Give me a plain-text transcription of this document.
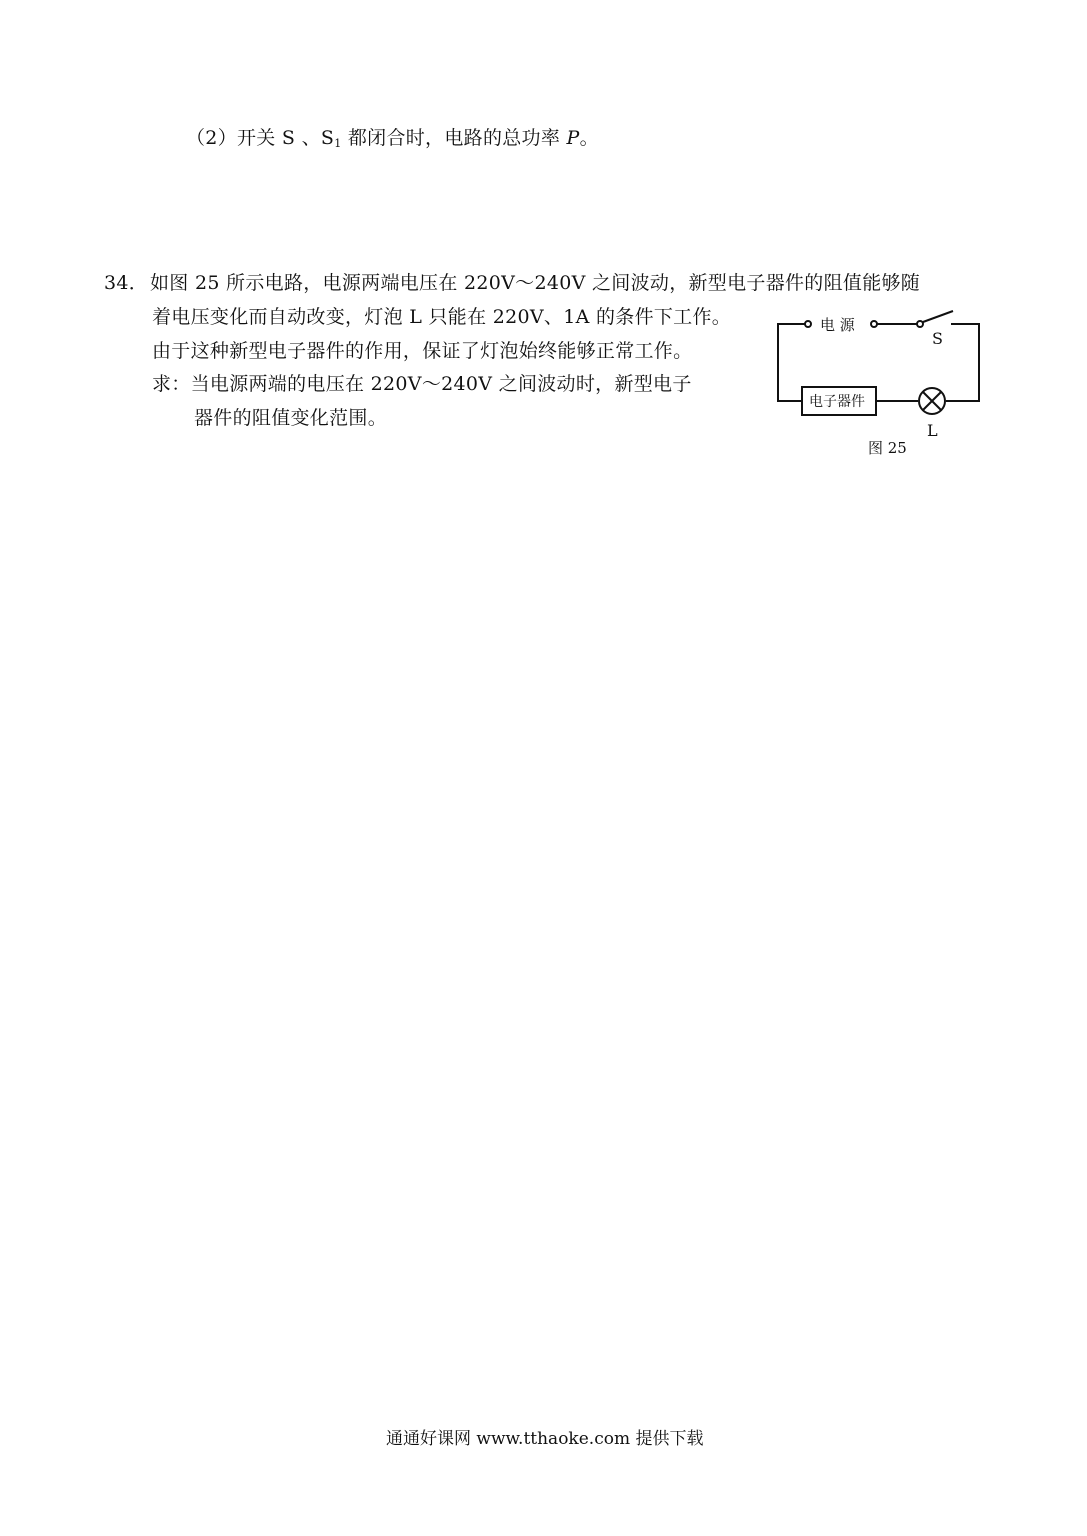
（2）开关 S 、$S_1$ 都闭合时，电路的总功率 P。
34． 如图 25 所示电路，电源两端电压在 220V～240V 之间波动，新型电子器件的阻值能够随
着电压变化而自动改变，灯泡 L 只能在 220V、1A 的条件下工作。
由于这种新型电子器件的作用，保证了灯泡始终能够正常工作。
求：当电源两端的电压在 220V～240V 之间波动时，新型电子
器件的阻值变化范围。
电 源
S
电子器件
L
图 25
通通好课网 www.tthaoke.com 提供下载
